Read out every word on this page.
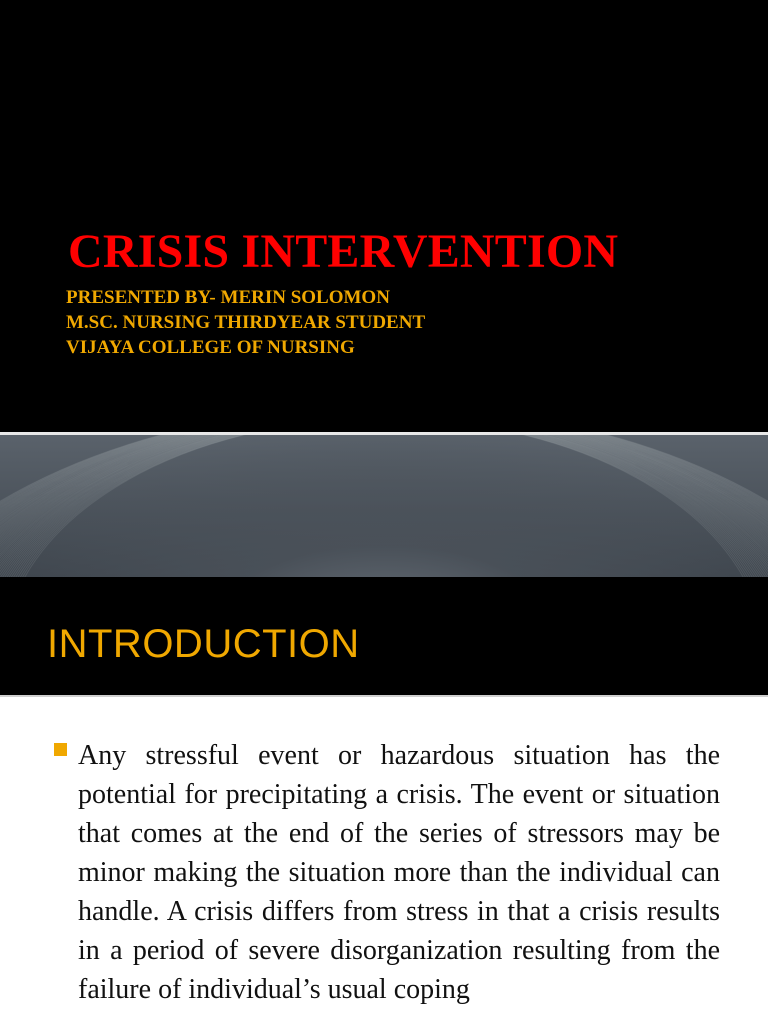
CRISIS INTERVENTION
PRESENTED BY- MERIN SOLOMON
M.SC. NURSING THIRDYEAR STUDENT
VIJAYA COLLEGE OF NURSING
INTRODUCTION
Any stressful event or hazardous situation has the potential for precipitating a crisis. The event or situation that comes at the end of the series of stressors may be minor making the situation more than the individual can handle. A crisis differs from stress in that a crisis results in a period of severe disorganization resulting from the failure of individual’s usual coping
